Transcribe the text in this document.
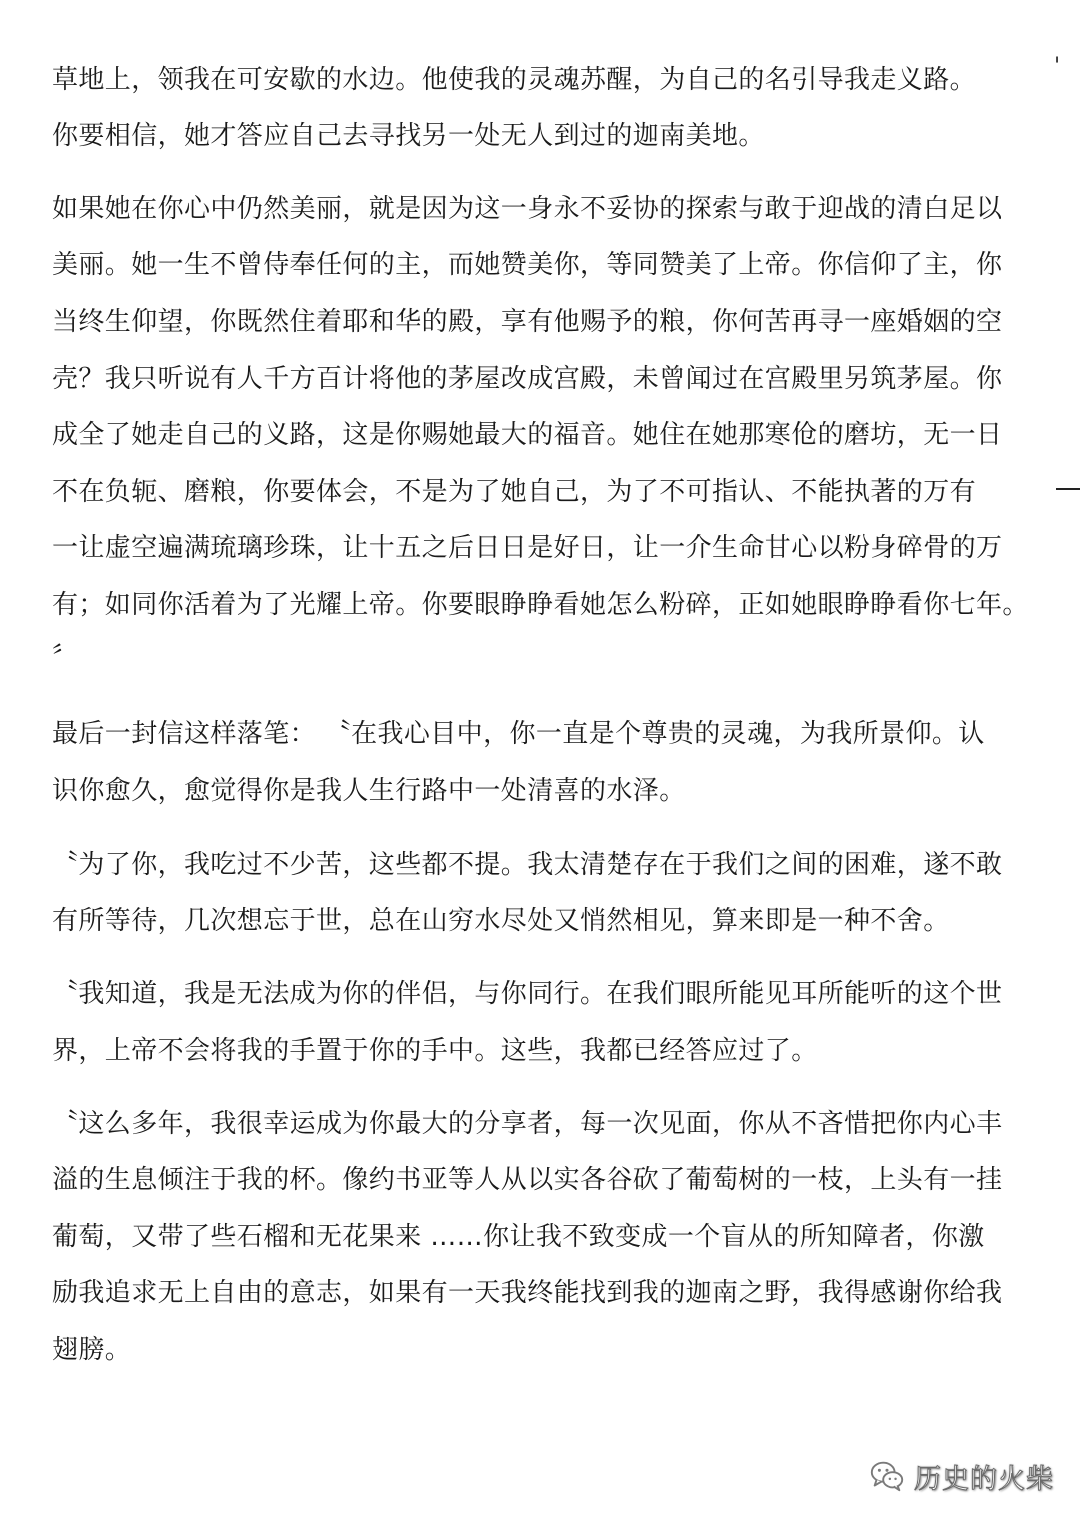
草地上，领我在可安歇的水边。他使我的灵魂苏醒，为自己的名引导我走义路。
你要相信，她才答应自己去寻找另一处无人到过的迦南美地。
如果她在你心中仍然美丽，就是因为这一身永不妥协的探索与敢于迎战的清白足以
美丽。她一生不曾侍奉任何的主，而她赞美你，等同赞美了上帝。你信仰了主，你
当终生仰望，你既然住着耶和华的殿，享有他赐予的粮，你何苦再寻一座婚姻的空
壳？我只听说有人千方百计将他的茅屋改成宫殿，未曾闻过在宫殿里另筑茅屋。你
成全了她走自己的义路，这是你赐她最大的福音。她住在她那寒伧的磨坊，无一日
不在负轭、磨粮，你要体会，不是为了她自己，为了不可指认、不能执著的万有
一让虚空遍满琉璃珍珠，让十五之后日日是好日，让一介生命甘心以粉身碎骨的万
有；如同你活着为了光耀上帝。你要眼睁睁看她怎么粉碎，正如她眼睁睁看你七年。
〞
最后一封信这样落笔： 〝在我心目中，你一直是个尊贵的灵魂，为我所景仰。认
识你愈久，愈觉得你是我人生行路中一处清喜的水泽。
〝为了你，我吃过不少苦，这些都不提。我太清楚存在于我们之间的困难，遂不敢
有所等待，几次想忘于世，总在山穷水尽处又悄然相见，算来即是一种不舍。
〝我知道，我是无法成为你的伴侣，与你同行。在我们眼所能见耳所能听的这个世
界，上帝不会将我的手置于你的手中。这些，我都已经答应过了。
〝这么多年，我很幸运成为你最大的分享者，每一次见面，你从不吝惜把你内心丰
溢的生息倾注于我的杯。像约书亚等人从以实各谷砍了葡萄树的一枝，上头有一挂
葡萄，又带了些石榴和无花果来 ……你让我不致变成一个盲从的所知障者，你激
励我追求无上自由的意志，如果有一天我终能找到我的迦南之野，我得感谢你给我
翅膀。
'
历史的火柴
